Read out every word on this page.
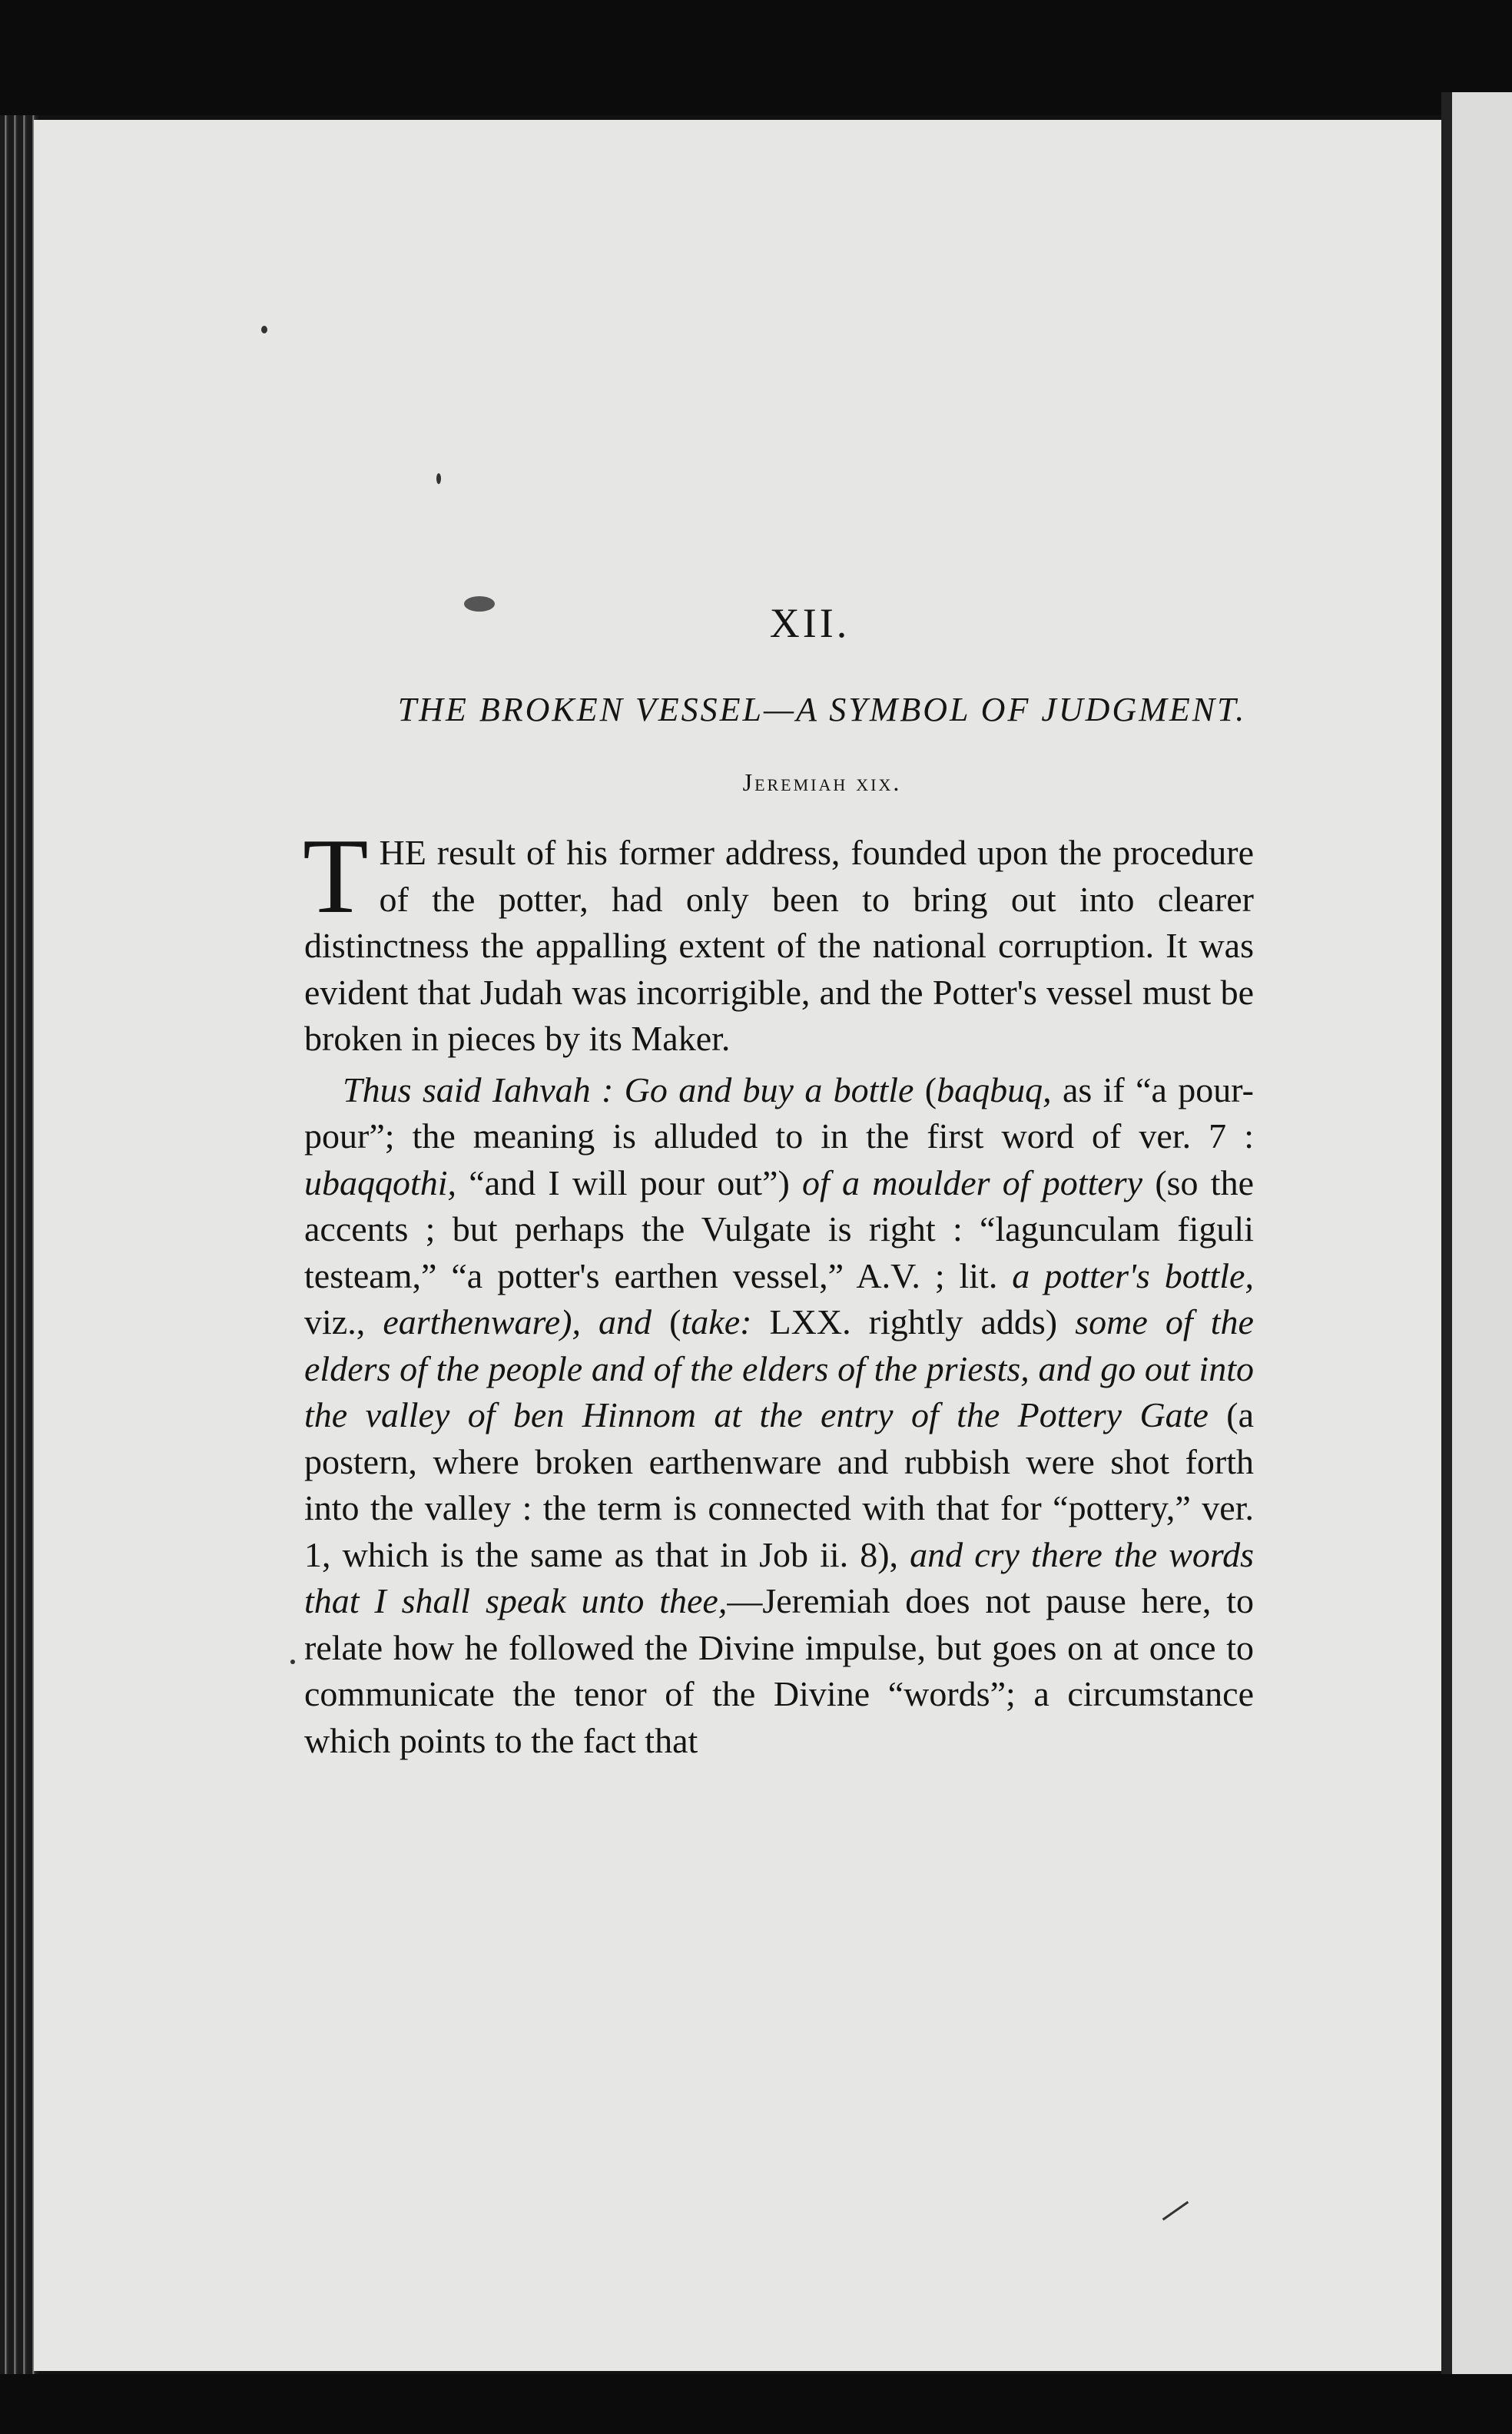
XII.
THE BROKEN VESSEL—A SYMBOL OF JUDGMENT.
Jeremiah xix.

THE result of his former address, founded upon the procedure of the potter, had only been to bring out into clearer distinctness the appalling extent of the national corruption. It was evident that Judah was incorrigible, and the Potter's vessel must be broken in pieces by its Maker.

Thus said Iahvah : Go and buy a bottle (baqbuq, as if “a pour-pour”; the meaning is alluded to in the first word of ver. 7 : ubaqqothi, “and I will pour out”) of a moulder of pottery (so the accents ; but perhaps the Vulgate is right : “lagunculam figuli testeam,” “a potter's earthen vessel,” A.V. ; lit. a potter's bottle, viz., earthenware), and (take: LXX. rightly adds) some of the elders of the people and of the elders of the priests, and go out into the valley of ben Hinnom at the entry of the Pottery Gate (a postern, where broken earthenware and rubbish were shot forth into the valley : the term is connected with that for “pottery,” ver. 1, which is the same as that in Job ii. 8), and cry there the words that I shall speak unto thee,—Jeremiah does not pause here, to relate how he followed the Divine impulse, but goes on at once to communicate the tenor of the Divine “words”; a circumstance which points to the fact that
